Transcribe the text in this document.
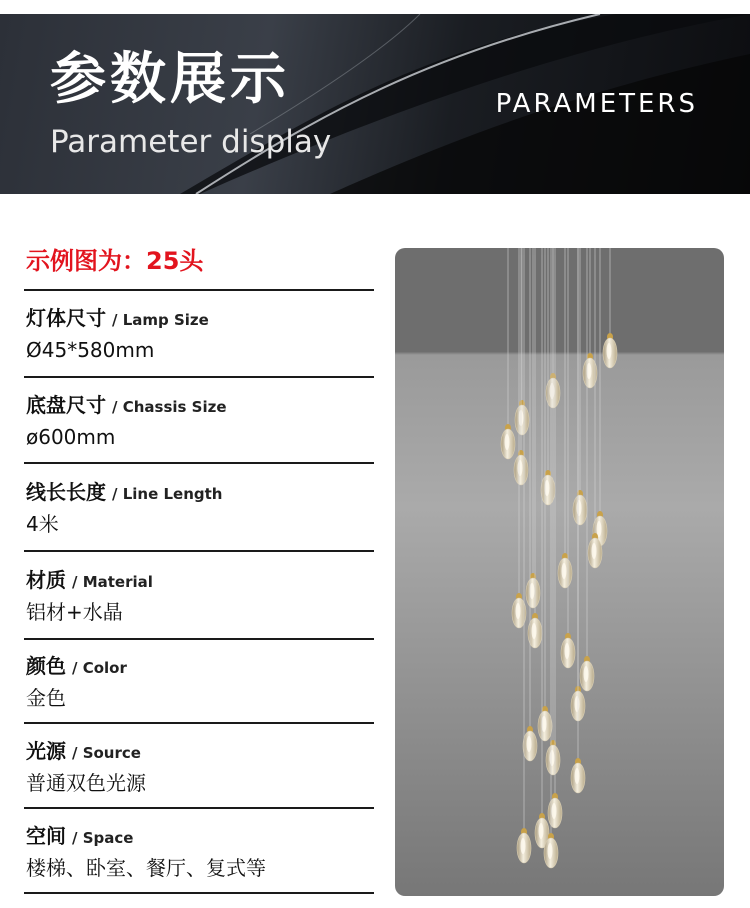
参数展示
Parameter display
PARAMETERS
示例图为：25头
灯体尺寸 / Lamp Size
Ø45*580mm
底盘尺寸 / Chassis Size
ø600mm
线长长度 / Line Length
4米
材质 / Material
铝材+水晶
颜色 / Color
金色
光源 / Source
普通双色光源
空间 / Space
楼梯、卧室、餐厅、复式等
